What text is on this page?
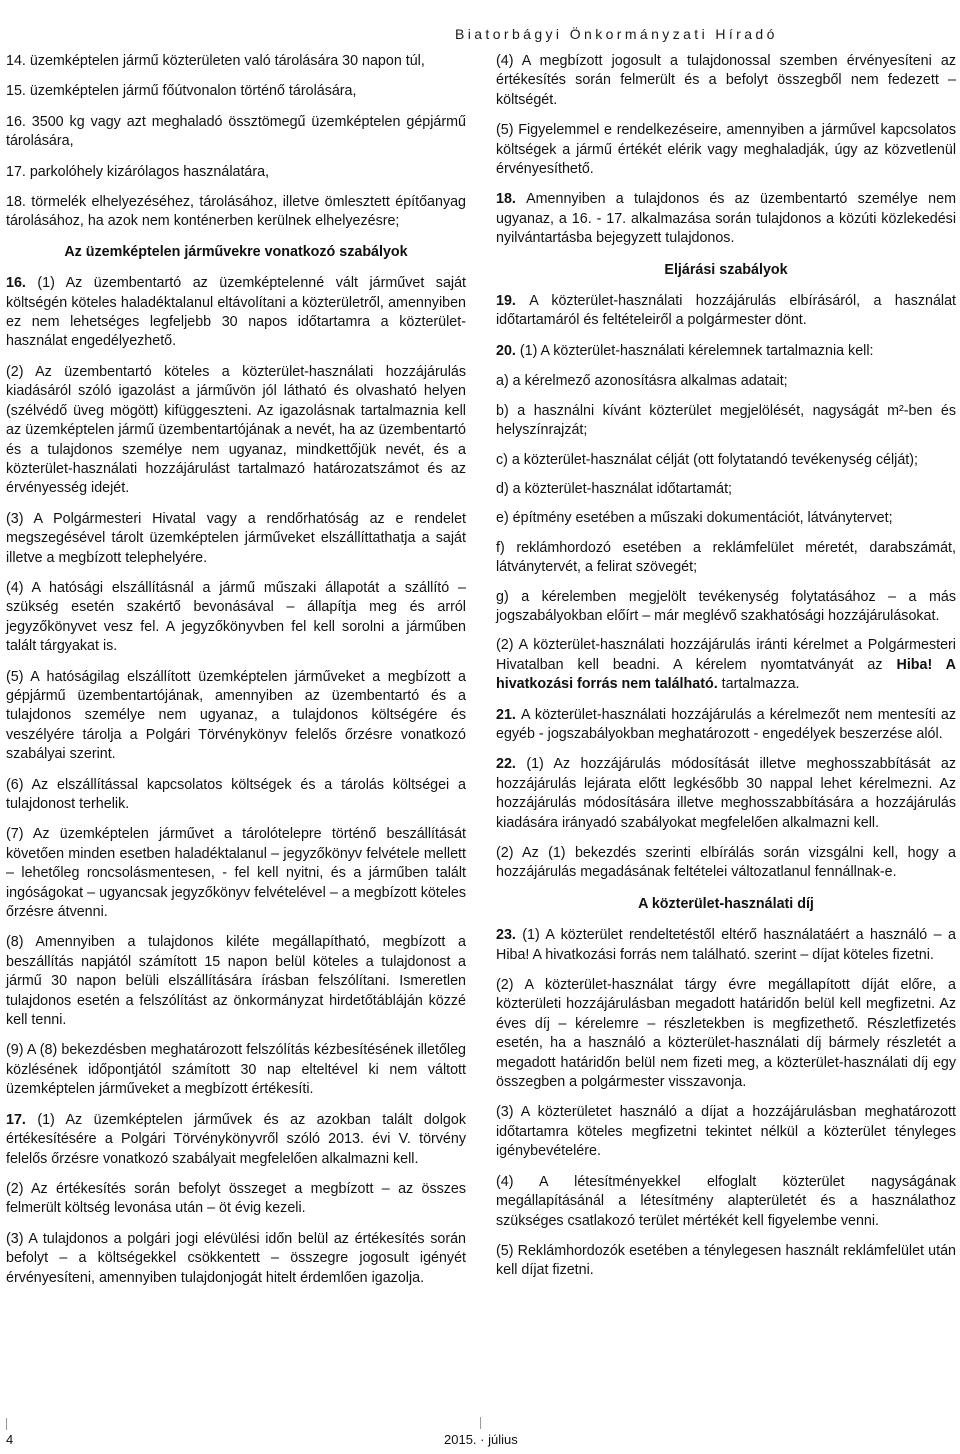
Biatorbágyi Önkormányzati Híradó

14. üzemképtelen jármű közterületen való tárolására 30 napon túl,

15. üzemképtelen jármű főútvonalon történő tárolására,

16. 3500 kg vagy azt meghaladó össztömegű üzemképtelen gépjármű tárolására,

17. parkolóhely kizárólagos használatára,

18. törmelék elhelyezéséhez, tárolásához, illetve ömlesztett építőanyag tárolásához, ha azok nem konténerben kerülnek elhelyezésre;

Az üzemképtelen járművekre vonatkozó szabályok

16. (1) Az üzembentartó az üzemképtelenné vált járművet saját költségén köteles haladéktalanul eltávolítani a közterületről, amennyiben ez nem lehetséges legfeljebb 30 napos időtartamra a közterület-használat engedélyezhető.

(2) Az üzembentartó köteles a közterület-használati hozzájárulás kiadásáról szóló igazolást a járművön jól látható és olvasható helyen (szélvédő üveg mögött) kifüggeszteni. Az igazolásnak tartalmaznia kell az üzemképtelen jármű üzembentartójának a nevét, ha az üzembentartó és a tulajdonos személye nem ugyanaz, mindkettőjük nevét, és a közterület-használati hozzájárulást tartalmazó határozatszámot és az érvényesség idejét.

(3) A Polgármesteri Hivatal vagy a rendőrhatóság az e rendelet megszegésével tárolt üzemképtelen járműveket elszállíttathatja a saját illetve a megbízott telephelyére.

(4) A hatósági elszállításnál a jármű műszaki állapotát a szállító – szükség esetén szakértő bevonásával – állapítja meg és arról jegyzőkönyvet vesz fel. A jegyzőkönyvben fel kell sorolni a járműben talált tárgyakat is.

(5) A hatóságilag elszállított üzemképtelen járműveket a megbízott a gépjármű üzembentartójának, amennyiben az üzembentartó és a tulajdonos személye nem ugyanaz, a tulajdonos költségére és veszélyére tárolja a Polgári Törvénykönyv felelős őrzésre vonatkozó szabályai szerint.

(6) Az elszállítással kapcsolatos költségek és a tárolás költségei a tulajdonost terhelik.

(7) Az üzemképtelen járművet a tárolótelepre történő beszállítását követően minden esetben haladéktalanul – jegyzőkönyv felvétele mellett – lehetőleg roncsolásmentesen, - fel kell nyitni, és a járműben talált ingóságokat – ugyancsak jegyzőkönyv felvételével – a megbízott köteles őrzésre átvenni.

(8) Amennyiben a tulajdonos kiléte megállapítható, megbízott a beszállítás napjától számított 15 napon belül köteles a tulajdonost a jármű 30 napon belüli elszállítására írásban felszólítani. Ismeretlen tulajdonos esetén a felszólítást az önkormányzat hirdetőtábláján közzé kell tenni.

(9) A (8) bekezdésben meghatározott felszólítás kézbesítésének illetőleg közlésének időpontjától számított 30 nap elteltével ki nem váltott üzemképtelen járműveket a megbízott értékesíti.

17. (1) Az üzemképtelen járművek és az azokban talált dolgok értékesítésére a Polgári Törvénykönyvről szóló 2013. évi V. törvény felelős őrzésre vonatkozó szabályait megfelelően alkalmazni kell.

(2) Az értékesítés során befolyt összeget a megbízott – az összes felmerült költség levonása után – öt évig kezeli.

(3) A tulajdonos a polgári jogi elévülési időn belül az értékesítés során befolyt – a költségekkel csökkentett – összegre jogosult igényét érvényesíteni, amennyiben tulajdonjogát hitelt érdemlően igazolja.

(4) A megbízott jogosult a tulajdonossal szemben érvényesíteni az értékesítés során felmerült és a befolyt összegből nem fedezett – költségét.

(5) Figyelemmel e rendelkezéseire, amennyiben a járművel kapcsolatos költségek a jármű értékét elérik vagy meghaladják, úgy az közvetlenül érvényesíthető.

18. Amennyiben a tulajdonos és az üzembentartó személye nem ugyanaz, a 16. - 17. alkalmazása során tulajdonos a közúti közlekedési nyilvántartásba bejegyzett tulajdonos.

Eljárási szabályok

19. A közterület-használati hozzájárulás elbírásáról, a használat időtartamáról és feltételeiről a polgármester dönt.

20. (1) A közterület-használati kérelemnek tartalmaznia kell:

a) a kérelmező azonosításra alkalmas adatait;

b) a használni kívánt közterület megjelölését, nagyságát m²-ben és helyszínrajzát;

c) a közterület-használat célját (ott folytatandó tevékenység célját);

d) a közterület-használat időtartamát;

e) építmény esetében a műszaki dokumentációt, látványtervet;

f) reklámhordozó esetében a reklámfelület méretét, darabszámát, látványtervét, a felirat szövegét;

g) a kérelemben megjelölt tevékenység folytatásához – a más jogszabályokban előírt – már meglévő szakhatósági hozzájárulásokat.

(2) A közterület-használati hozzájárulás iránti kérelmet a Polgármesteri Hivatalban kell beadni. A kérelem nyomtatványát az Hiba! A hivatkozási forrás nem található. tartalmazza.

21. A közterület-használati hozzájárulás a kérelmezőt nem mentesíti az egyéb - jogszabályokban meghatározott - engedélyek beszerzése alól.

22. (1) Az hozzájárulás módosítását illetve meghosszabbítását az hozzájárulás lejárata előtt legkésőbb 30 nappal lehet kérelmezni. Az hozzájárulás módosítására illetve meghosszabbítására a hozzájárulás kiadására irányadó szabályokat megfelelően alkalmazni kell.

(2) Az (1) bekezdés szerinti elbírálás során vizsgálni kell, hogy a hozzájárulás megadásának feltételei változatlanul fennállnak-e.

A közterület-használati díj

23. (1) A közterület rendeltetéstől eltérő használatáért a használó – a Hiba! A hivatkozási forrás nem található. szerint – díjat köteles fizetni.

(2) A közterület-használat tárgy évre megállapított díját előre, a közterületi hozzájárulásban megadott határidőn belül kell megfizetni. Az éves díj – kérelemre – részletekben is megfizethető. Részletfizetés esetén, ha a használó a közterület-használati díj bármely részletét a megadott határidőn belül nem fizeti meg, a közterület-használati díj egy összegben a polgármester visszavonja.

(3) A közterületet használó a díjat a hozzájárulásban meghatározott időtartamra köteles megfizetni tekintet nélkül a közterület tényleges igénybevételére.

(4) A létesítményekkel elfoglalt közterület nagyságának megállapításánál a létesítmény alapterületét és a használathoz szükséges csatlakozó terület mértékét kell figyelembe venni.

(5) Reklámhordozók esetében a ténylegesen használt reklámfelület után kell díjat fizetni.

4	2015. · július
